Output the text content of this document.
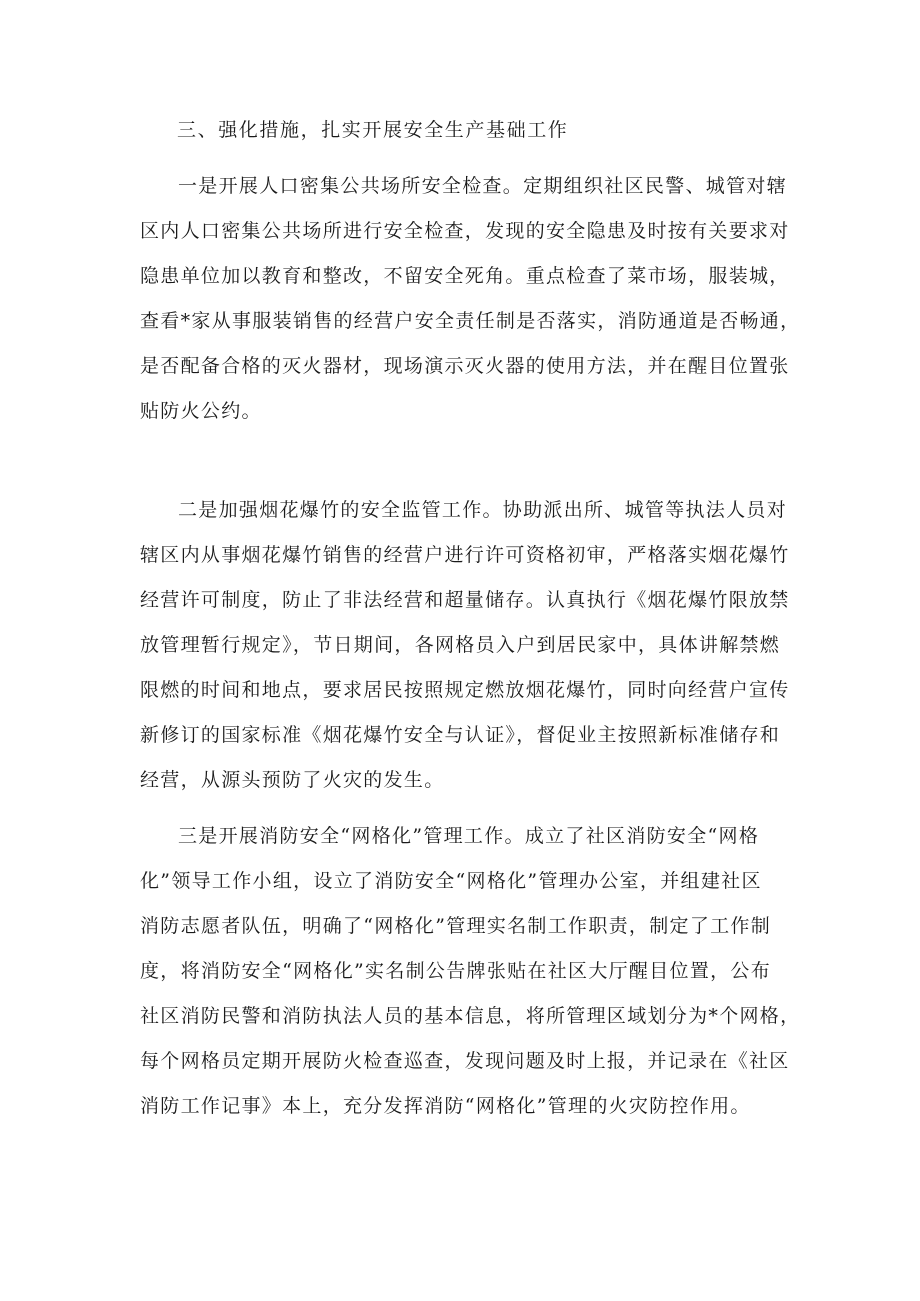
三、强化措施，扎实开展安全生产基础工作

一是开展人口密集公共场所安全检查。定期组织社区民警、城管对辖
区内人口密集公共场所进行安全检查，发现的安全隐患及时按有关要求对
隐患单位加以教育和整改，不留安全死角。重点检查了菜市场，服装城，
查看*家从事服装销售的经营户安全责任制是否落实，消防通道是否畅通，
是否配备合格的灭火器材，现场演示灭火器的使用方法，并在醒目位置张
贴防火公约。

二是加强烟花爆竹的安全监管工作。协助派出所、城管等执法人员对
辖区内从事烟花爆竹销售的经营户进行许可资格初审，严格落实烟花爆竹
经营许可制度，防止了非法经营和超量储存。认真执行《烟花爆竹限放禁
放管理暂行规定》，节日期间，各网格员入户到居民家中，具体讲解禁燃
限燃的时间和地点，要求居民按照规定燃放烟花爆竹，同时向经营户宣传
新修订的国家标准《烟花爆竹安全与认证》，督促业主按照新标准储存和
经营，从源头预防了火灾的发生。

三是开展消防安全“网格化”管理工作。成立了社区消防安全“网格
化”领导工作小组，设立了消防安全“网格化”管理办公室，并组建社区
消防志愿者队伍，明确了“网格化”管理实名制工作职责，制定了工作制
度，将消防安全“网格化”实名制公告牌张贴在社区大厅醒目位置，公布
社区消防民警和消防执法人员的基本信息，将所管理区域划分为*个网格，
每个网格员定期开展防火检查巡查，发现问题及时上报，并记录在《社区
消防工作记事》本上，充分发挥消防“网格化”管理的火灾防控作用。
